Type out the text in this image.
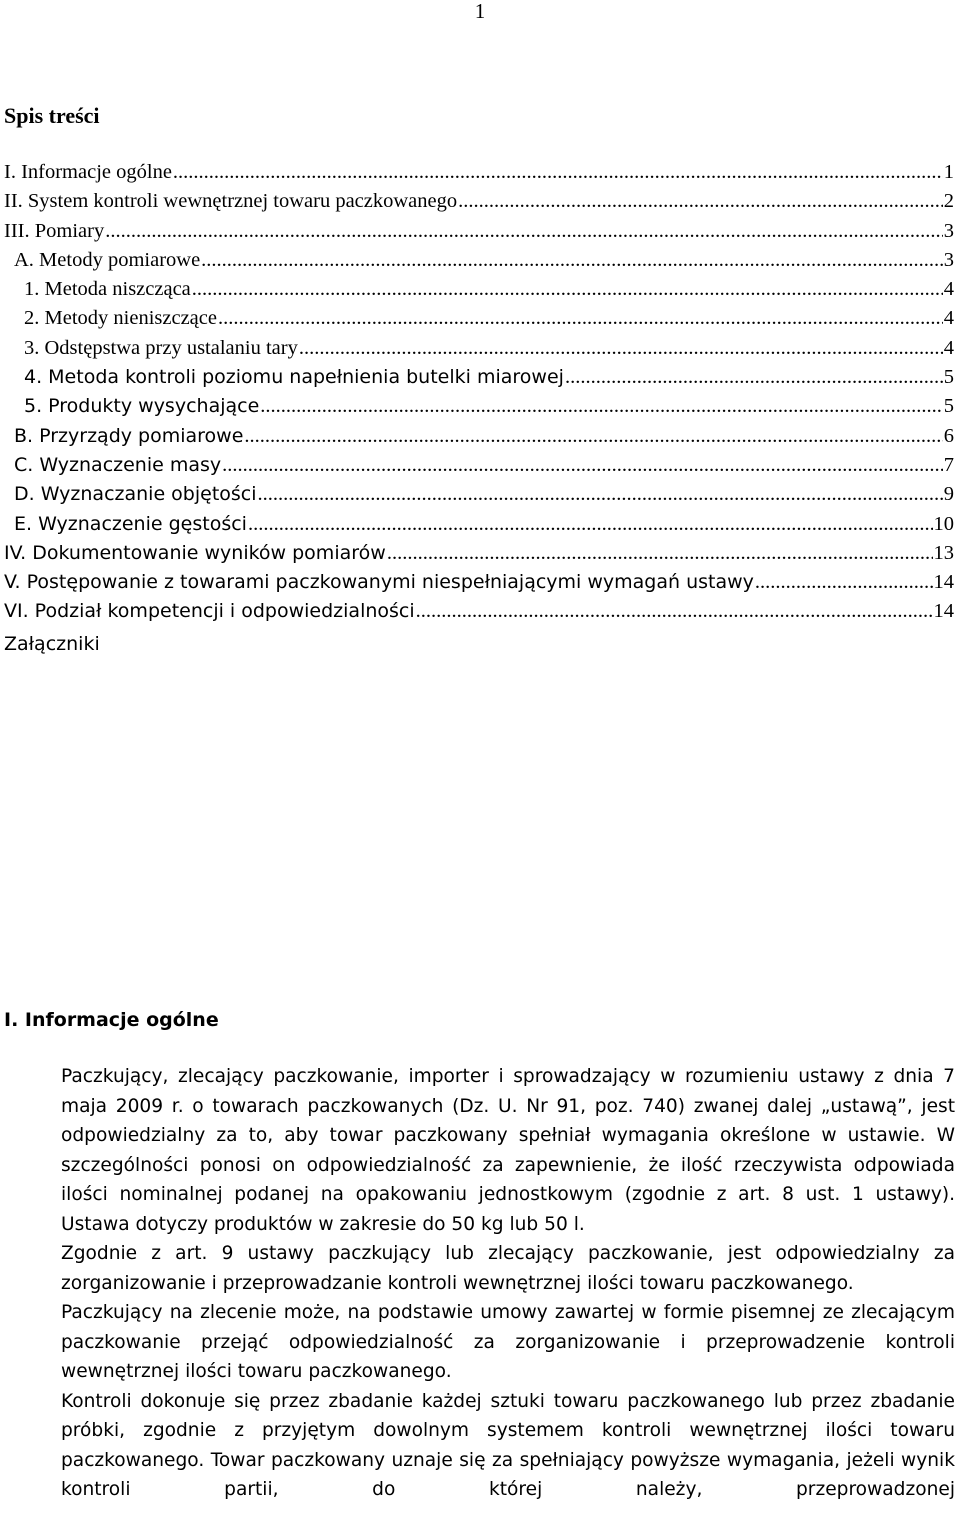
1
Spis treści
I. Informacje ogólne .....	1
II. System kontroli wewnętrznej towaru paczkowanego .....	2
III. Pomiary .....	3
A. Metody pomiarowe .....	3
1. Metoda niszcząca .....	4
2. Metody nieniszczące .....	4
3. Odstępstwa przy ustalaniu tary .....	4
4. Metoda kontroli poziomu napełnienia butelki miarowej .....	5
5. Produkty wysychające .....	5
B. Przyrządy pomiarowe .....	6
C. Wyznaczenie masy .....	7
D. Wyznaczanie objętości .....	9
E. Wyznaczenie gęstości .....	10
IV. Dokumentowanie wyników pomiarów .....	13
V. Postępowanie z towarami paczkowanymi niespełniającymi wymagań ustawy .....	14
VI. Podział kompetencji i odpowiedzialności .....	14
Załączniki
I. Informacje ogólne

Paczkujący, zlecający paczkowanie, importer i sprowadzający w rozumieniu ustawy z dnia 7 maja 2009 r. o towarach paczkowanych (Dz. U. Nr 91, poz. 740) zwanej dalej „ustawą”, jest odpowiedzialny za to, aby towar paczkowany spełniał wymagania określone w ustawie. W szczególności ponosi on odpowiedzialność za zapewnienie, że ilość rzeczywista odpowiada ilości nominalnej podanej na opakowaniu jednostkowym (zgodnie z art. 8 ust. 1 ustawy). Ustawa dotyczy produktów w zakresie do 50 kg lub 50 l.

Zgodnie z art. 9 ustawy paczkujący lub zlecający paczkowanie, jest odpowiedzialny za zorganizowanie i przeprowadzanie kontroli wewnętrznej ilości towaru paczkowanego.

Paczkujący na zlecenie może, na podstawie umowy zawartej w formie pisemnej ze zlecającym paczkowanie przejąć odpowiedzialność za zorganizowanie i przeprowadzenie kontroli wewnętrznej ilości towaru paczkowanego.

Kontroli dokonuje się przez zbadanie każdej sztuki towaru paczkowanego lub przez zbadanie próbki, zgodnie z przyjętym dowolnym systemem kontroli wewnętrznej ilości towaru paczkowanego. Towar paczkowany uznaje się za spełniający powyższe wymagania, jeżeli wynik kontroli partii, do której należy, przeprowadzonej
